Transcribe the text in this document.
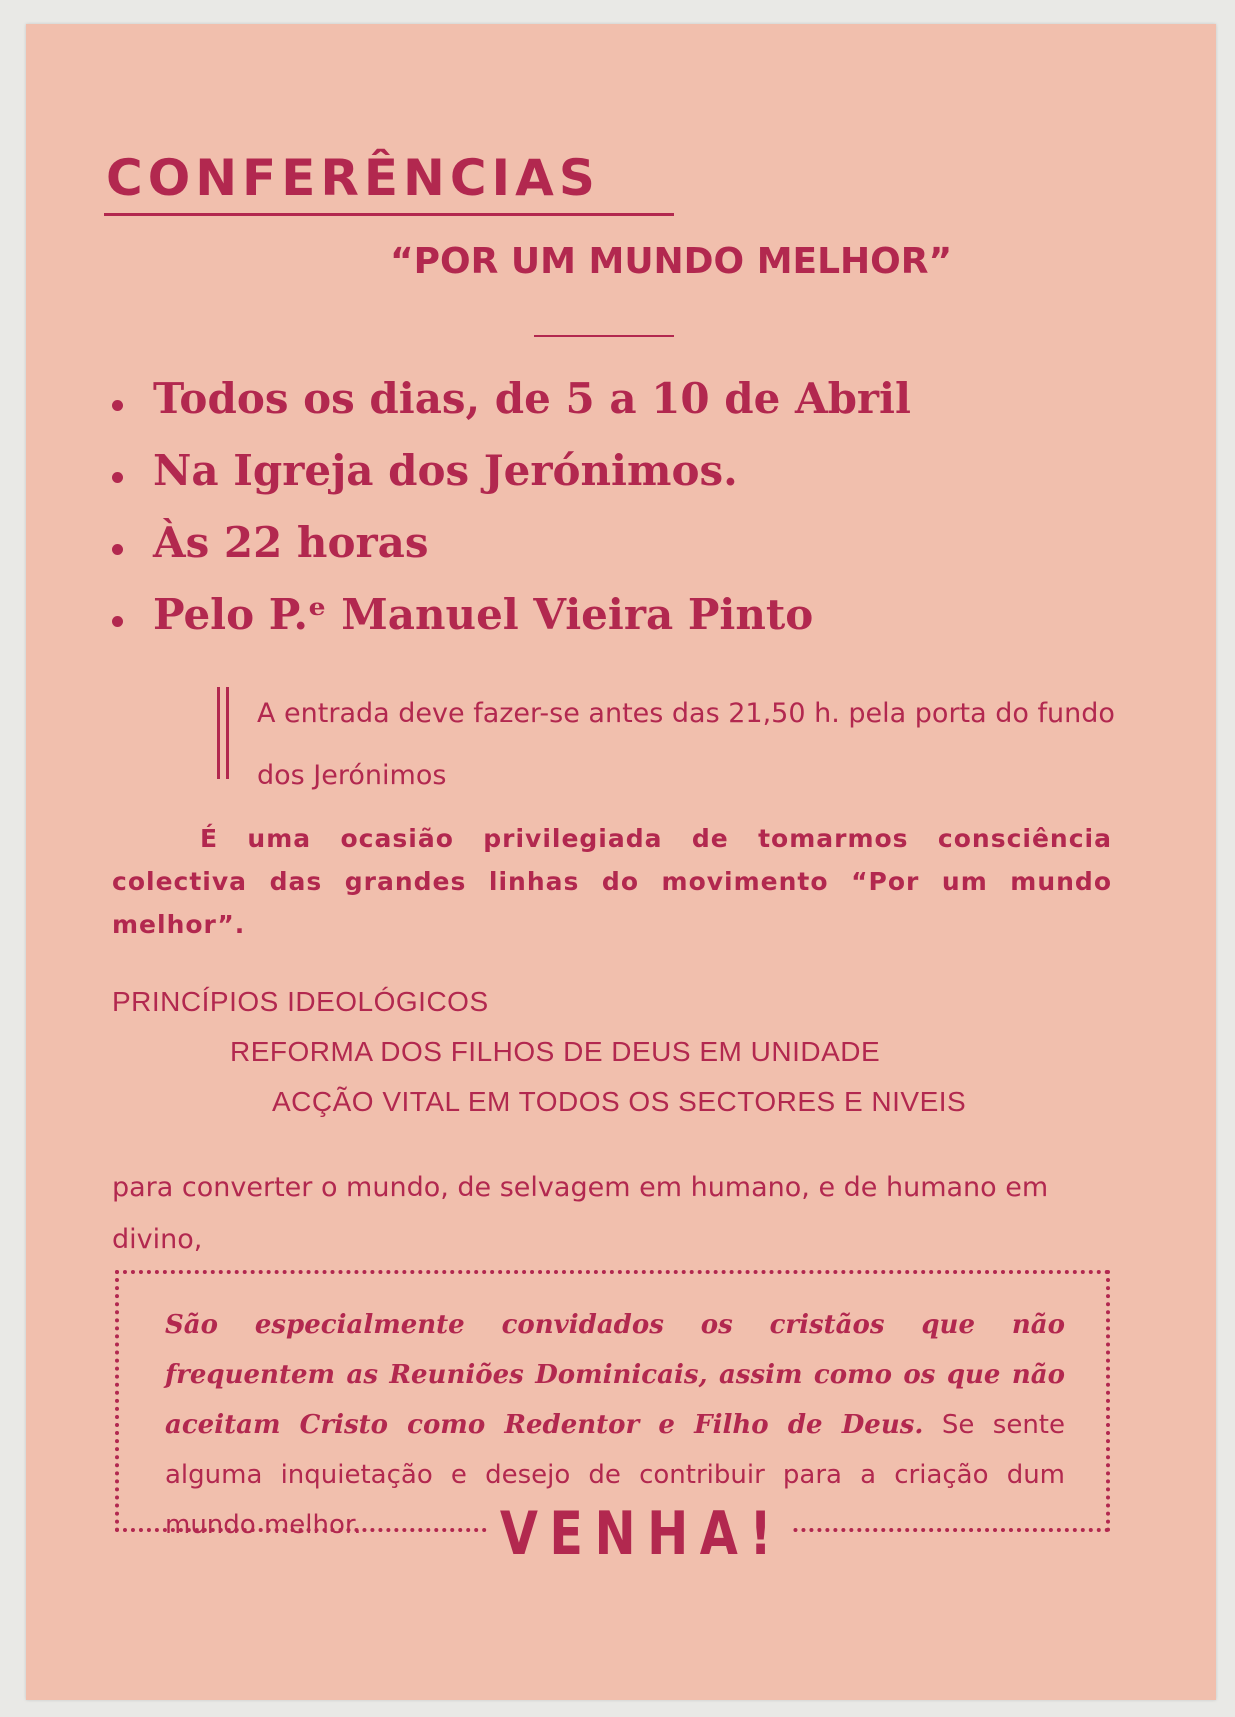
CONFERÊNCIAS
“POR UM MUNDO MELHOR”
Todos os dias, de 5 a 10 de Abril
Na Igreja dos Jerónimos.
Às 22 horas
Pelo P.ᵉ Manuel Vieira Pinto

A entrada deve fazer-se antes das 21,50 h. pela porta do fundo dos Jerónimos

É uma ocasião privilegiada de tomarmos consciência colectiva das grandes linhas do movimento “Por um mundo melhor”.

PRINCÍPIOS IDEOLÓGICOS
REFORMA DOS FILHOS DE DEUS EM UNIDADE
ACÇÃO VITAL EM TODOS OS SECTORES E NIVEIS

para converter o mundo, de selvagem em humano, e de humano em divino,

São especialmente convidados os cristãos que não frequentem as Reuniões Dominicais, assim como os que não aceitam Cristo como Redentor e Filho de Deus. Se sente alguma inquietação e desejo de contribuir para a criação dum mundo melhor.	VENHA!
